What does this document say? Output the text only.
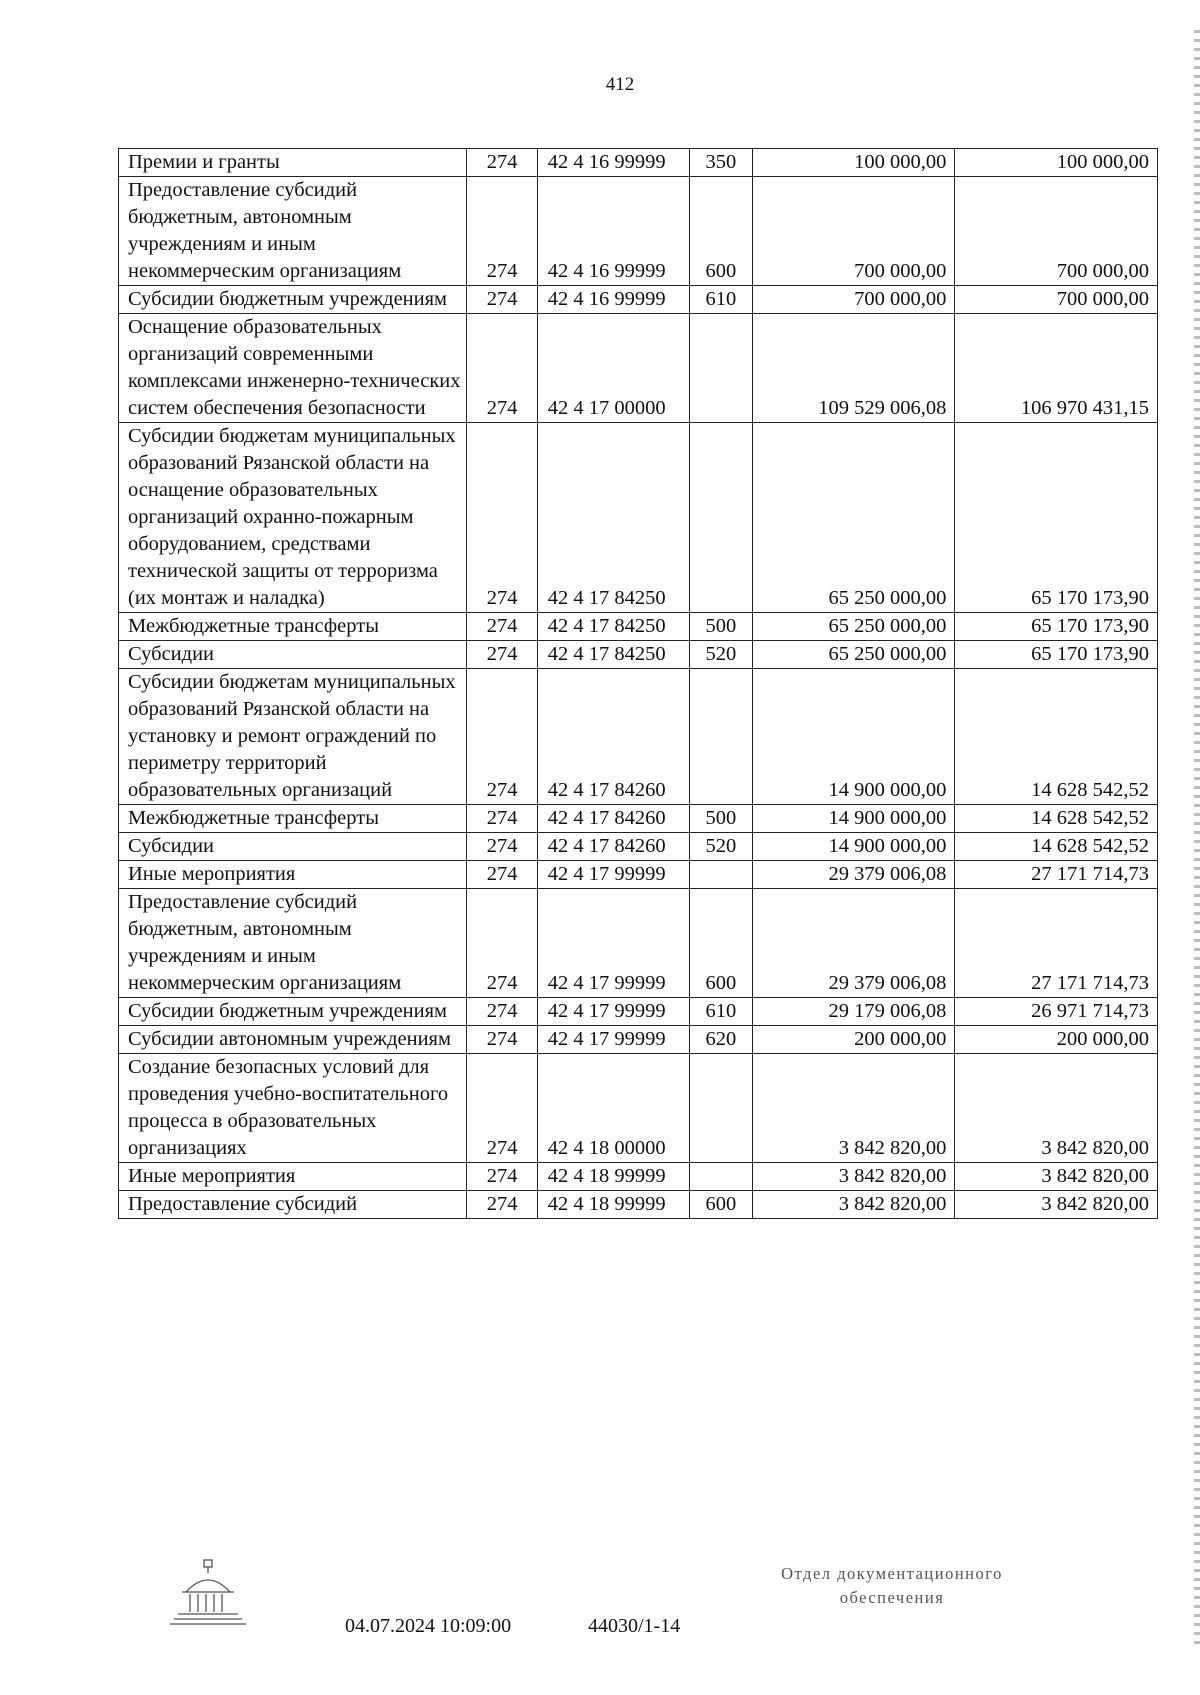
412
Премии и гранты	274	42 4 16 99999	350	100 000,00	100 000,00
Предоставление субсидий бюджетным, автономным учреждениям и иным некоммерческим организациям	274	42 4 16 99999	600	700 000,00	700 000,00
Субсидии бюджетным учреждениям	274	42 4 16 99999	610	700 000,00	700 000,00
Оснащение образовательных организаций современными комплексами инженерно-технических систем обеспечения безопасности	274	42 4 17 00000		109 529 006,08	106 970 431,15
Субсидии бюджетам муниципальных образований Рязанской области на оснащение образовательных организаций охранно-пожарным оборудованием, средствами технической защиты от терроризма (их монтаж и наладка)	274	42 4 17 84250		65 250 000,00	65 170 173,90
Межбюджетные трансферты	274	42 4 17 84250	500	65 250 000,00	65 170 173,90
Субсидии	274	42 4 17 84250	520	65 250 000,00	65 170 173,90
Субсидии бюджетам муниципальных образований Рязанской области на установку и ремонт ограждений по периметру территорий образовательных организаций	274	42 4 17 84260		14 900 000,00	14 628 542,52
Межбюджетные трансферты	274	42 4 17 84260	500	14 900 000,00	14 628 542,52
Субсидии	274	42 4 17 84260	520	14 900 000,00	14 628 542,52
Иные мероприятия	274	42 4 17 99999		29 379 006,08	27 171 714,73
Предоставление субсидий бюджетным, автономным учреждениям и иным некоммерческим организациям	274	42 4 17 99999	600	29 379 006,08	27 171 714,73
Субсидии бюджетным учреждениям	274	42 4 17 99999	610	29 179 006,08	26 971 714,73
Субсидии автономным учреждениям	274	42 4 17 99999	620	200 000,00	200 000,00
Создание безопасных условий для проведения учебно-воспитательного процесса в образовательных организациях	274	42 4 18 00000		3 842 820,00	3 842 820,00
Иные мероприятия	274	42 4 18 99999		3 842 820,00	3 842 820,00
Предоставление субсидий	274	42 4 18 99999	600	3 842 820,00	3 842 820,00
04.07.2024 10:09:00	44030/1-14
Отдел документационного
обеспечения
